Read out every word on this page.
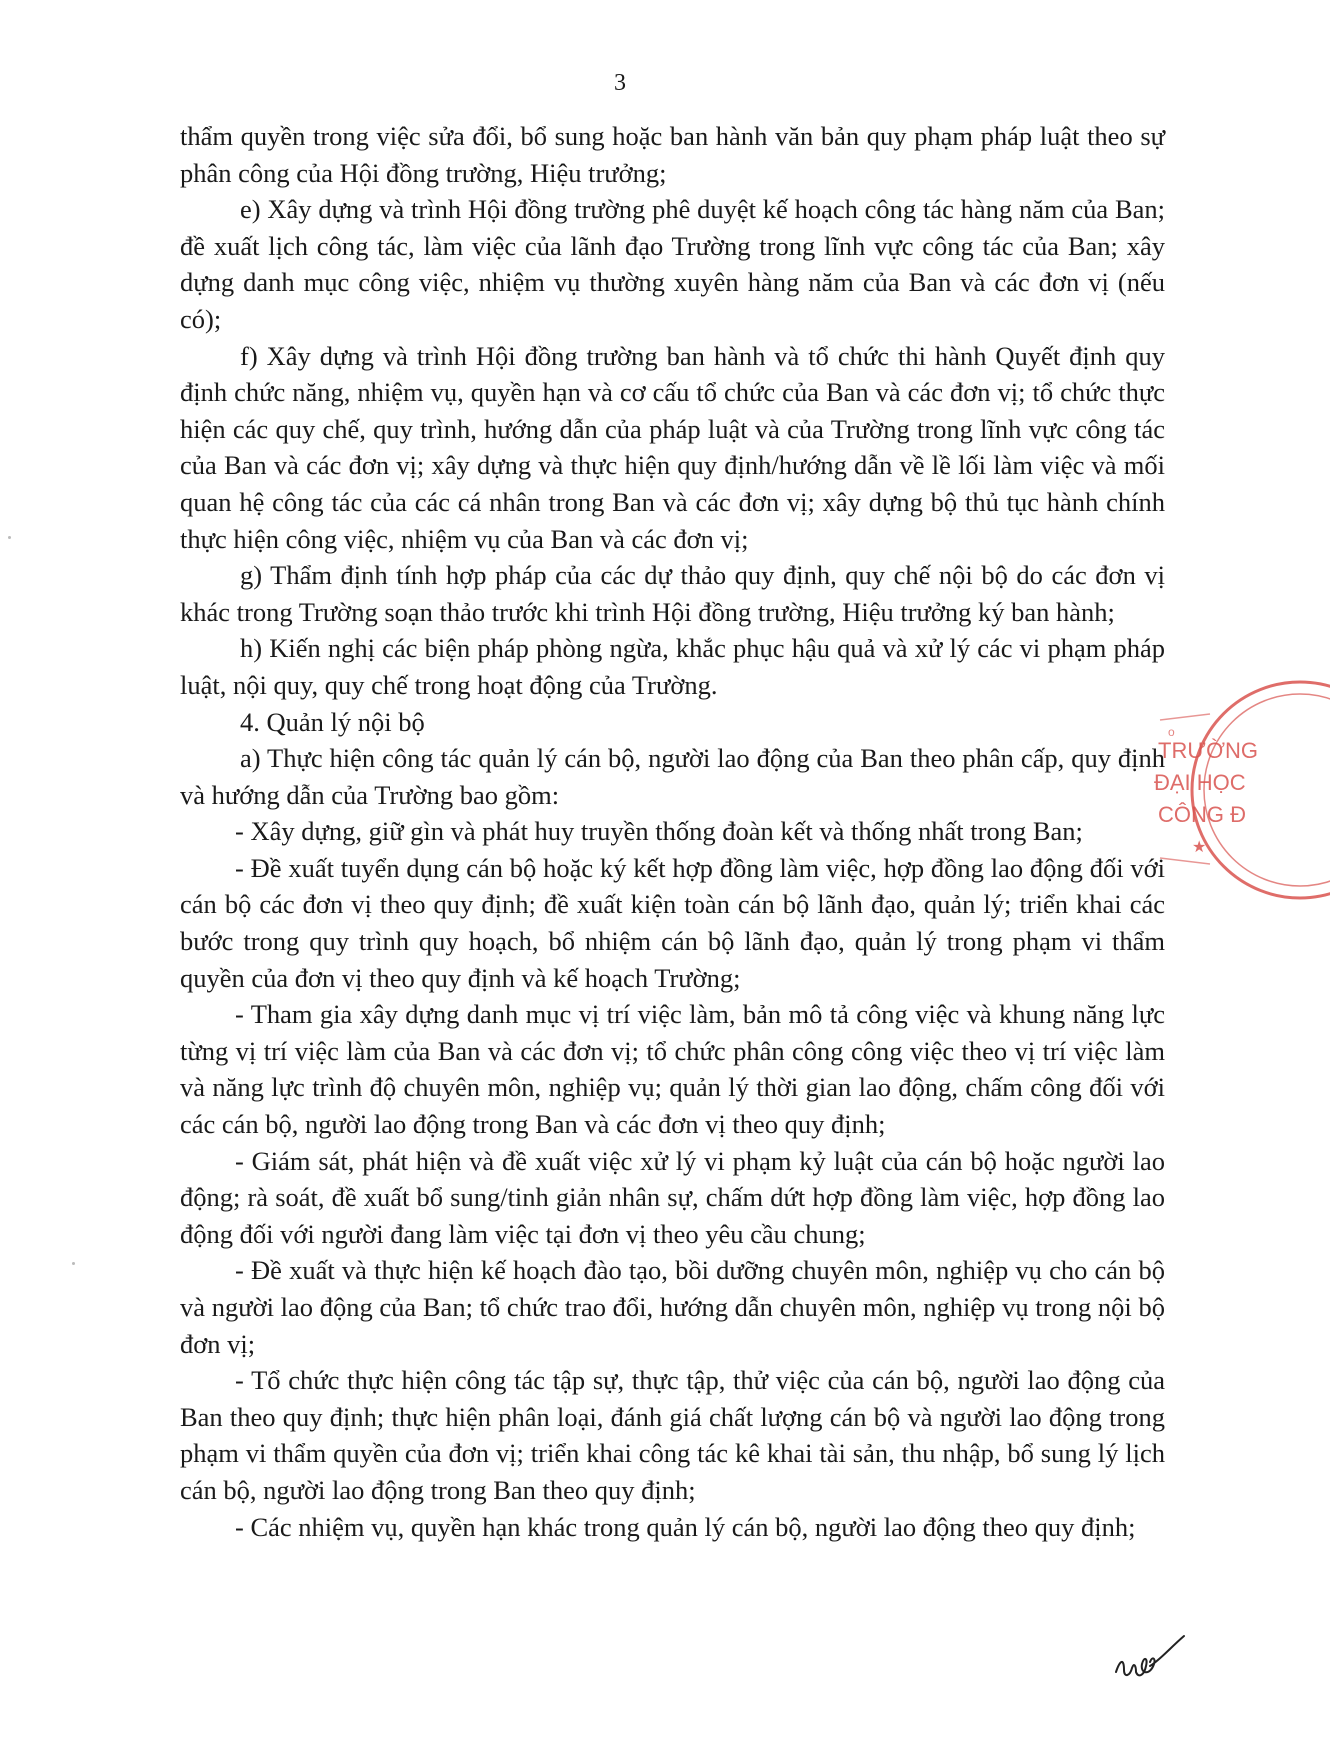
3

thẩm quyền trong việc sửa đổi, bổ sung hoặc ban hành văn bản quy phạm pháp luật theo sự phân công của Hội đồng trường, Hiệu trưởng;

e) Xây dựng và trình Hội đồng trường phê duyệt kế hoạch công tác hàng năm của Ban; đề xuất lịch công tác, làm việc của lãnh đạo Trường trong lĩnh vực công tác của Ban; xây dựng danh mục công việc, nhiệm vụ thường xuyên hàng năm của Ban và các đơn vị (nếu có);

f) Xây dựng và trình Hội đồng trường ban hành và tổ chức thi hành Quyết định quy định chức năng, nhiệm vụ, quyền hạn và cơ cấu tổ chức của Ban và các đơn vị; tổ chức thực hiện các quy chế, quy trình, hướng dẫn của pháp luật và của Trường trong lĩnh vực công tác của Ban và các đơn vị; xây dựng và thực hiện quy định/hướng dẫn về lề lối làm việc và mối quan hệ công tác của các cá nhân trong Ban và các đơn vị; xây dựng bộ thủ tục hành chính thực hiện công việc, nhiệm vụ của Ban và các đơn vị;

g) Thẩm định tính hợp pháp của các dự thảo quy định, quy chế nội bộ do các đơn vị khác trong Trường soạn thảo trước khi trình Hội đồng trường, Hiệu trưởng ký ban hành;

h) Kiến nghị các biện pháp phòng ngừa, khắc phục hậu quả và xử lý các vi phạm pháp luật, nội quy, quy chế trong hoạt động của Trường.

4. Quản lý nội bộ

a) Thực hiện công tác quản lý cán bộ, người lao động của Ban theo phân cấp, quy định và hướng dẫn của Trường bao gồm:

- Xây dựng, giữ gìn và phát huy truyền thống đoàn kết và thống nhất trong Ban;

- Đề xuất tuyển dụng cán bộ hoặc ký kết hợp đồng làm việc, hợp đồng lao động đối với cán bộ các đơn vị theo quy định; đề xuất kiện toàn cán bộ lãnh đạo, quản lý; triển khai các bước trong quy trình quy hoạch, bổ nhiệm cán bộ lãnh đạo, quản lý trong phạm vi thẩm quyền của đơn vị theo quy định và kế hoạch Trường;

- Tham gia xây dựng danh mục vị trí việc làm, bản mô tả công việc và khung năng lực từng vị trí việc làm của Ban và các đơn vị; tổ chức phân công công việc theo vị trí việc làm và năng lực trình độ chuyên môn, nghiệp vụ; quản lý thời gian lao động, chấm công đối với các cán bộ, người lao động trong Ban và các đơn vị theo quy định;

- Giám sát, phát hiện và đề xuất việc xử lý vi phạm kỷ luật của cán bộ hoặc người lao động; rà soát, đề xuất bổ sung/tinh giản nhân sự, chấm dứt hợp đồng làm việc, hợp đồng lao động đối với người đang làm việc tại đơn vị theo yêu cầu chung;

- Đề xuất và thực hiện kế hoạch đào tạo, bồi dưỡng chuyên môn, nghiệp vụ cho cán bộ và người lao động của Ban; tổ chức trao đổi, hướng dẫn chuyên môn, nghiệp vụ trong nội bộ đơn vị;

- Tổ chức thực hiện công tác tập sự, thực tập, thử việc của cán bộ, người lao động của Ban theo quy định; thực hiện phân loại, đánh giá chất lượng cán bộ và người lao động trong phạm vi thẩm quyền của đơn vị; triển khai công tác kê khai tài sản, thu nhập, bổ sung lý lịch cán bộ, người lao động trong Ban theo quy định;

- Các nhiệm vụ, quyền hạn khác trong quản lý cán bộ, người lao động theo quy định;

TRƯỜNG
ĐẠI HỌC
CÔNG Đ
★
o
